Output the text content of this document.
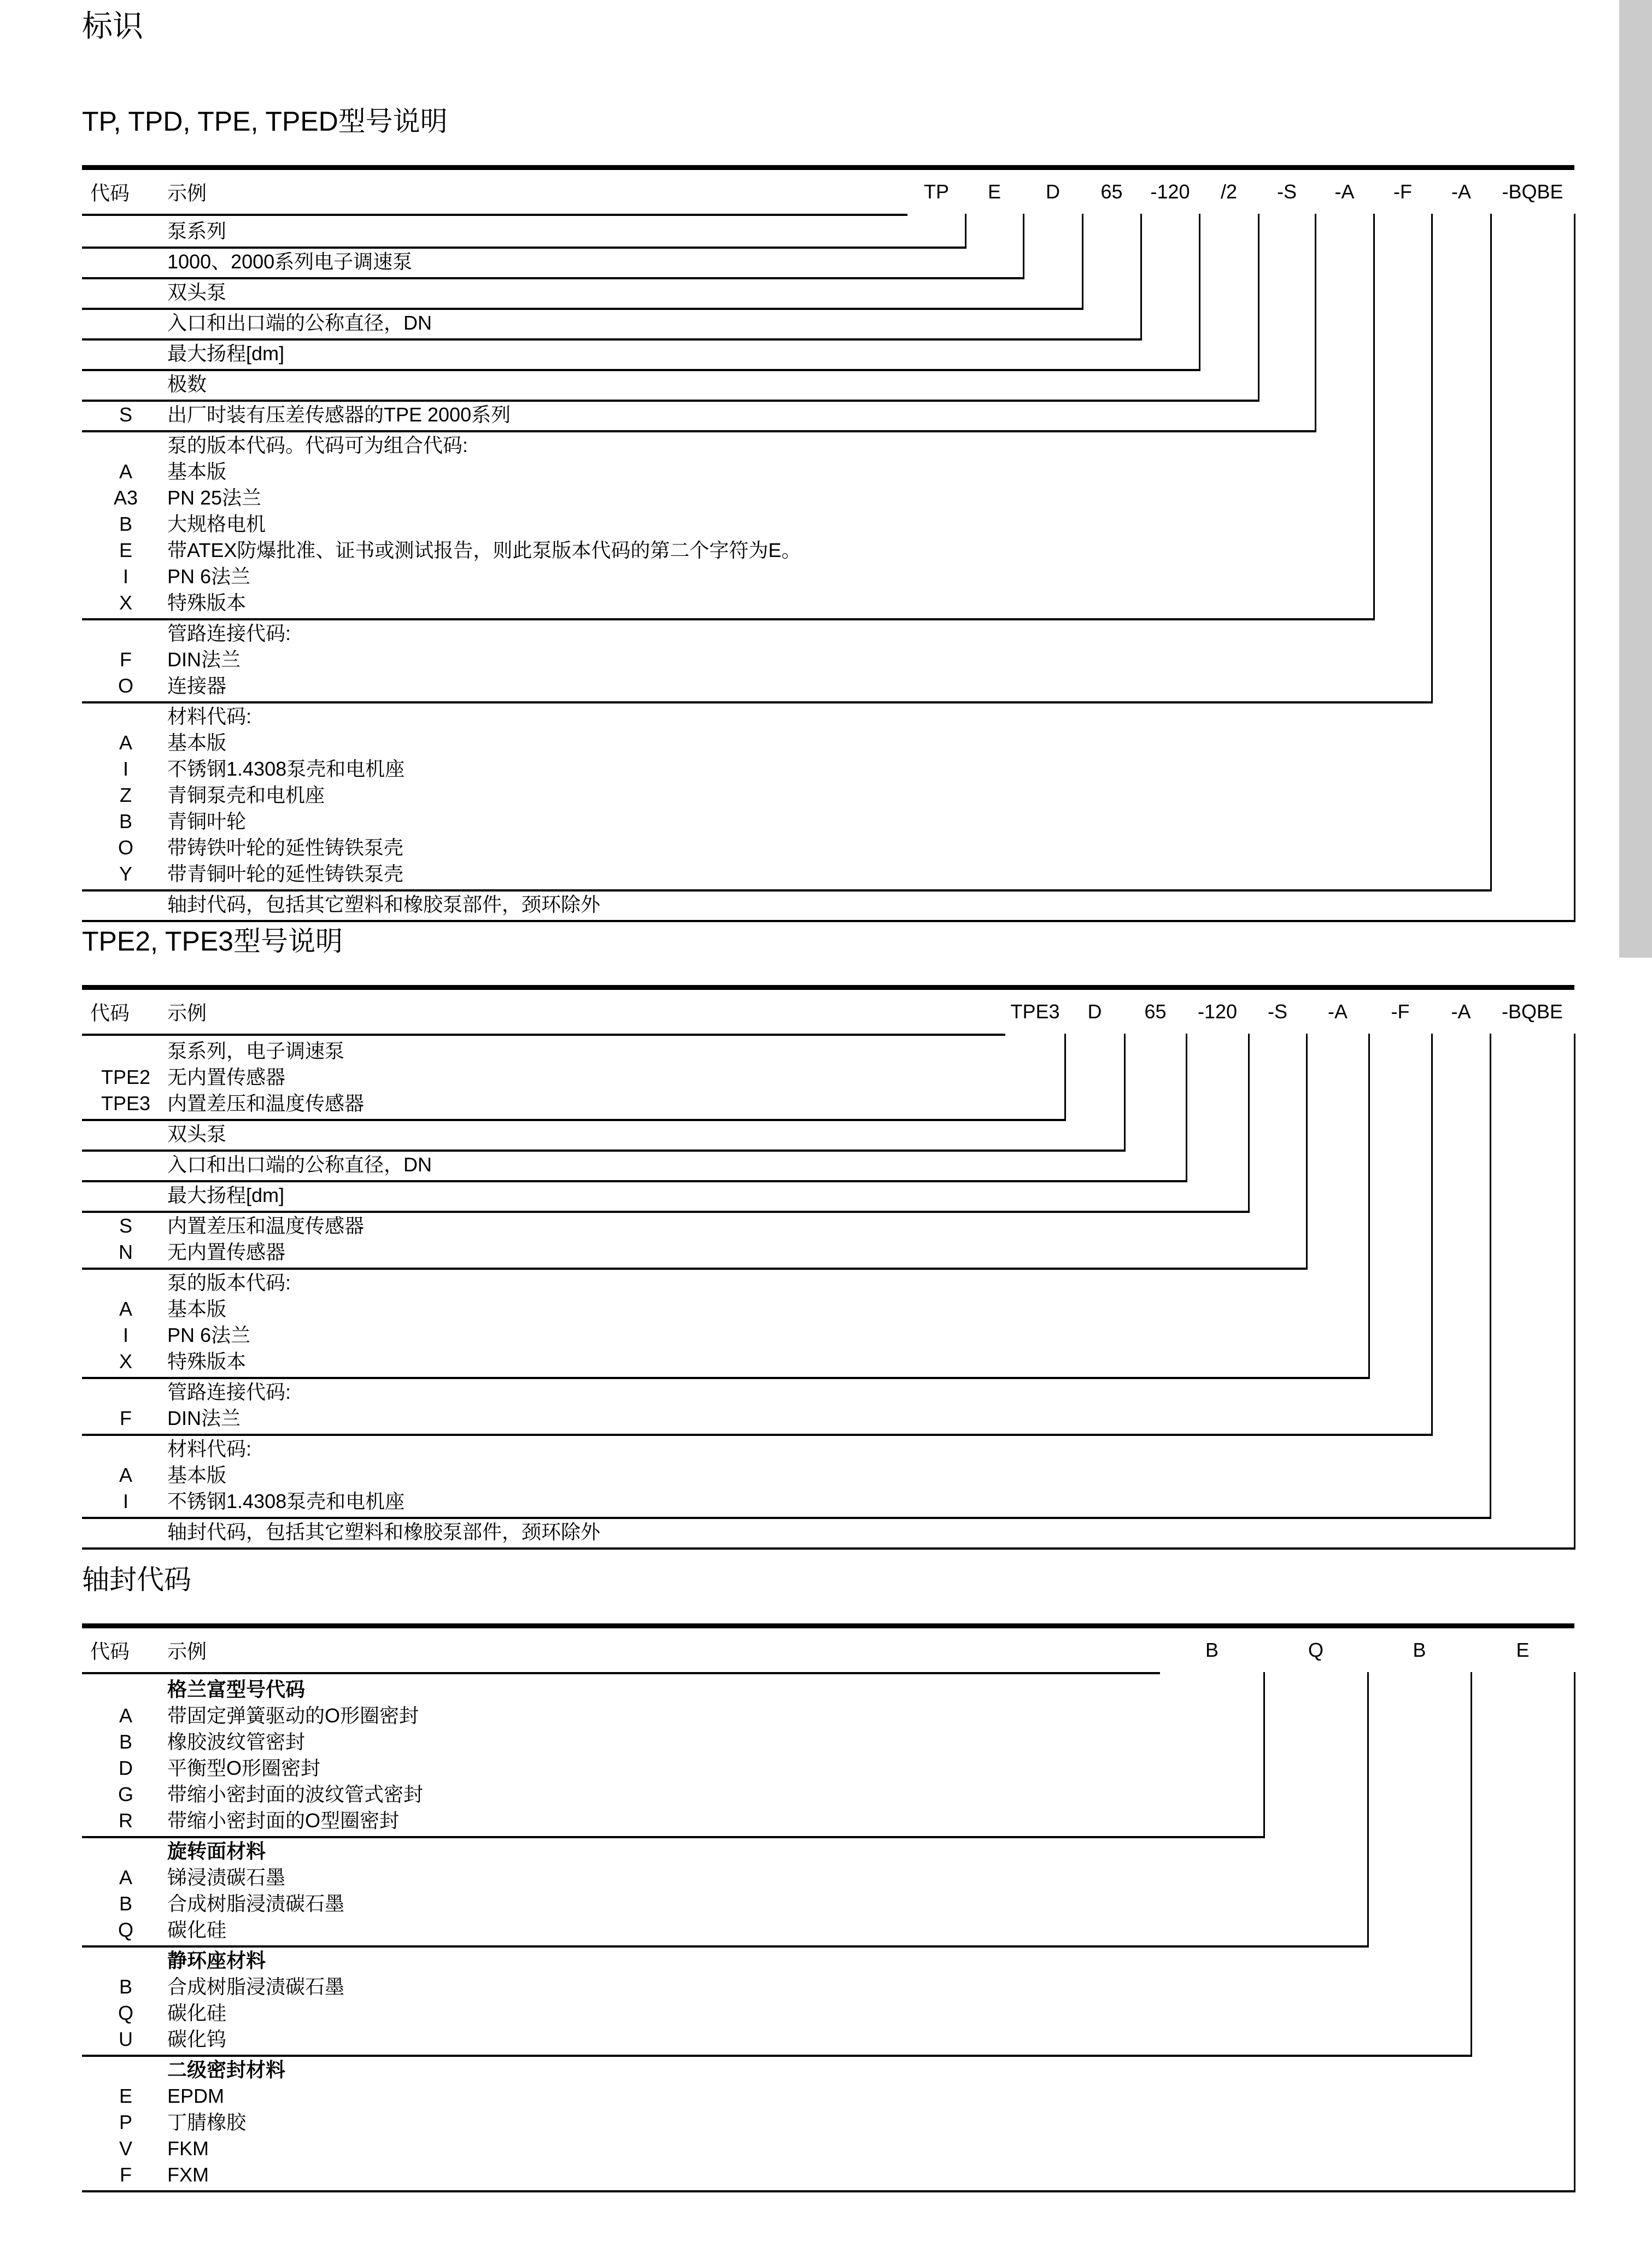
标识
TP, TPD, TPE, TPED型号说明
代码 示例	TP E D 65 -120 /2 -S -A -F -A -BQBE
泵系列
1000、2000系列电子调速泵
双头泵
入口和出口端的公称直径，DN
最大扬程[dm]
极数
S	出厂时装有压差传感器的TPE 2000系列
泵的版本代码。代码可为组合代码:
A	基本版
A3	PN 25法兰
B	大规格电机
E	带ATEX防爆批准、证书或测试报告，则此泵版本代码的第二个字符为E。
I	PN 6法兰
X	特殊版本
管路连接代码:
F	DIN法兰
O	连接器
材料代码:
A	基本版
I	不锈钢1.4308泵壳和电机座
Z	青铜泵壳和电机座
B	青铜叶轮
O	带铸铁叶轮的延性铸铁泵壳
Y	带青铜叶轮的延性铸铁泵壳
轴封代码，包括其它塑料和橡胶泵部件，颈环除外
TPE2, TPE3型号说明
代码 示例	TPE3 D 65 -120 -S -A -F -A -BQBE
泵系列，电子调速泵
TPE2 无内置传感器
TPE3 内置差压和温度传感器
双头泵
入口和出口端的公称直径，DN
最大扬程[dm]
S	内置差压和温度传感器
N	无内置传感器
泵的版本代码:
A	基本版
I	PN 6法兰
X	特殊版本
管路连接代码:
F	DIN法兰
材料代码:
A	基本版
I	不锈钢1.4308泵壳和电机座
轴封代码，包括其它塑料和橡胶泵部件，颈环除外
轴封代码
代码 示例	B	Q	B	E
格兰富型号代码
A	带固定弹簧驱动的O形圈密封
B	橡胶波纹管密封
D	平衡型O形圈密封
G	带缩小密封面的波纹管式密封
R	带缩小密封面的O型圈密封
旋转面材料
A	锑浸渍碳石墨
B	合成树脂浸渍碳石墨
Q	碳化硅
静环座材料
B	合成树脂浸渍碳石墨
Q	碳化硅
U	碳化钨
二级密封材料
E	EPDM
P	丁腈橡胶
V	FKM
F	FXM
